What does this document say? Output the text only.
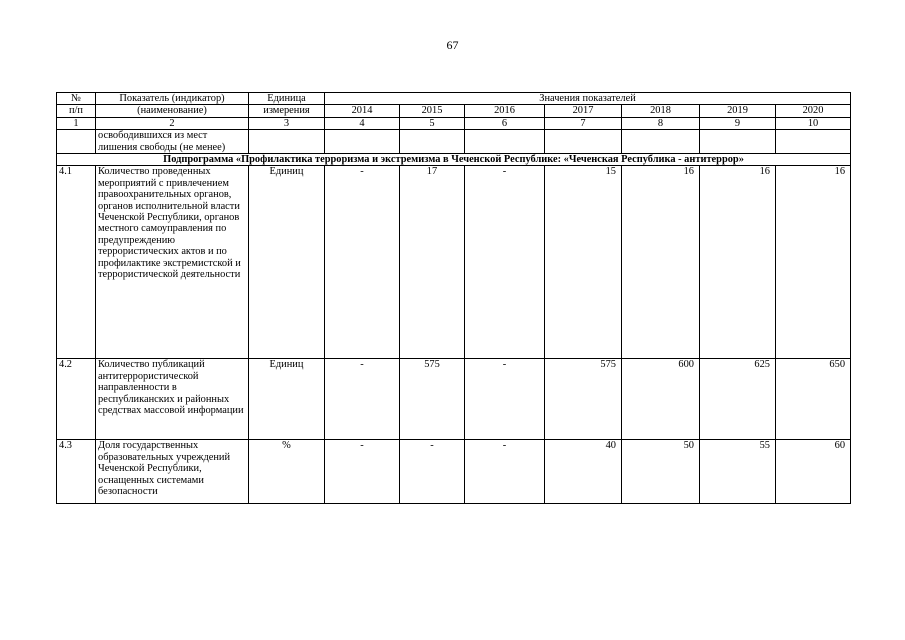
67
№	Показатель (индикатор)	Единица	Значения показателей						
п/п	(наименование)	измерения	2014	2015	2016	2017	2018	2019	2020
1	2	3	4	5	6	7	8	9	10
	освободившихся из мест лишения свободы (не менее)								
Подпрограмма «Профилактика терроризма и экстремизма в Чеченской Республике: «Чеченская Республика - антитеррор»									
4.1	Количество проведенных мероприятий с привлечением правоохранительных органов, органов исполнительной власти Чеченской Республики, органов местного самоуправления по предупреждению террористических актов и по профилактике экстремистской и террористической деятельности	Единиц	-	17	-	15	16	16	16
4.2	Количество публикаций антитеррористической направленности в республиканских и районных средствах массовой информации	Единиц	-	575	-	575	600	625	650
4.3	Доля государственных образовательных учреждений Чеченской Республики, оснащенных системами безопасности	%	-	-	-	40	50	55	60
